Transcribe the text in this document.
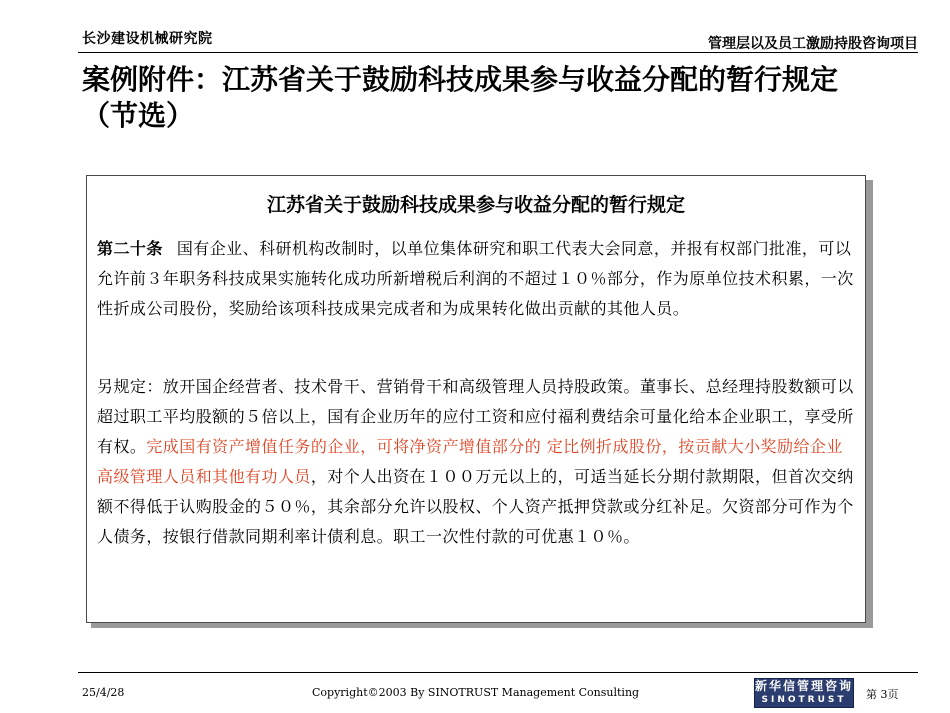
长沙建设机械研究院	管理层以及员工激励持股咨询项目
案例附件：江苏省关于鼓励科技成果参与收益分配的暂行规定（节选）
江苏省关于鼓励科技成果参与收益分配的暂行规定

第二十条 国有企业、科研机构改制时，以单位集体研究和职工代表大会同意，并报有权部门批准，可以允许前３年职务科技成果实施转化成功所新增税后利润的不超过１０％部分，作为原单位技术积累，一次性折成公司股份，奖励给该项科技成果完成者和为成果转化做出贡献的其他人员。

另规定：放开国企经营者、技术骨干、营销骨干和高级管理人员持股政策。董事长、总经理持股数额可以超过职工平均股额的５倍以上，国有企业历年的应付工资和应付福利费结余可量化给本企业职工，享受所有权。完成国有资产增值任务的企业，可将净资产增值部分的 定比例折成股份，按贡献大小奖励给企业高级管理人员和其他有功人员，对个人出资在１００万元以上的，可适当延长分期付款期限，但首次交纳额不得低于认购股金的５０％，其余部分允许以股权、个人资产抵押贷款或分红补足。欠资部分可作为个人债务，按银行借款同期利率计债利息。职工一次性付款的可优惠１０％。

25/4/28	Copyright©2003 By SINOTRUST Management Consulting	新华信管理咨询
SINOTRUST	第 3页
